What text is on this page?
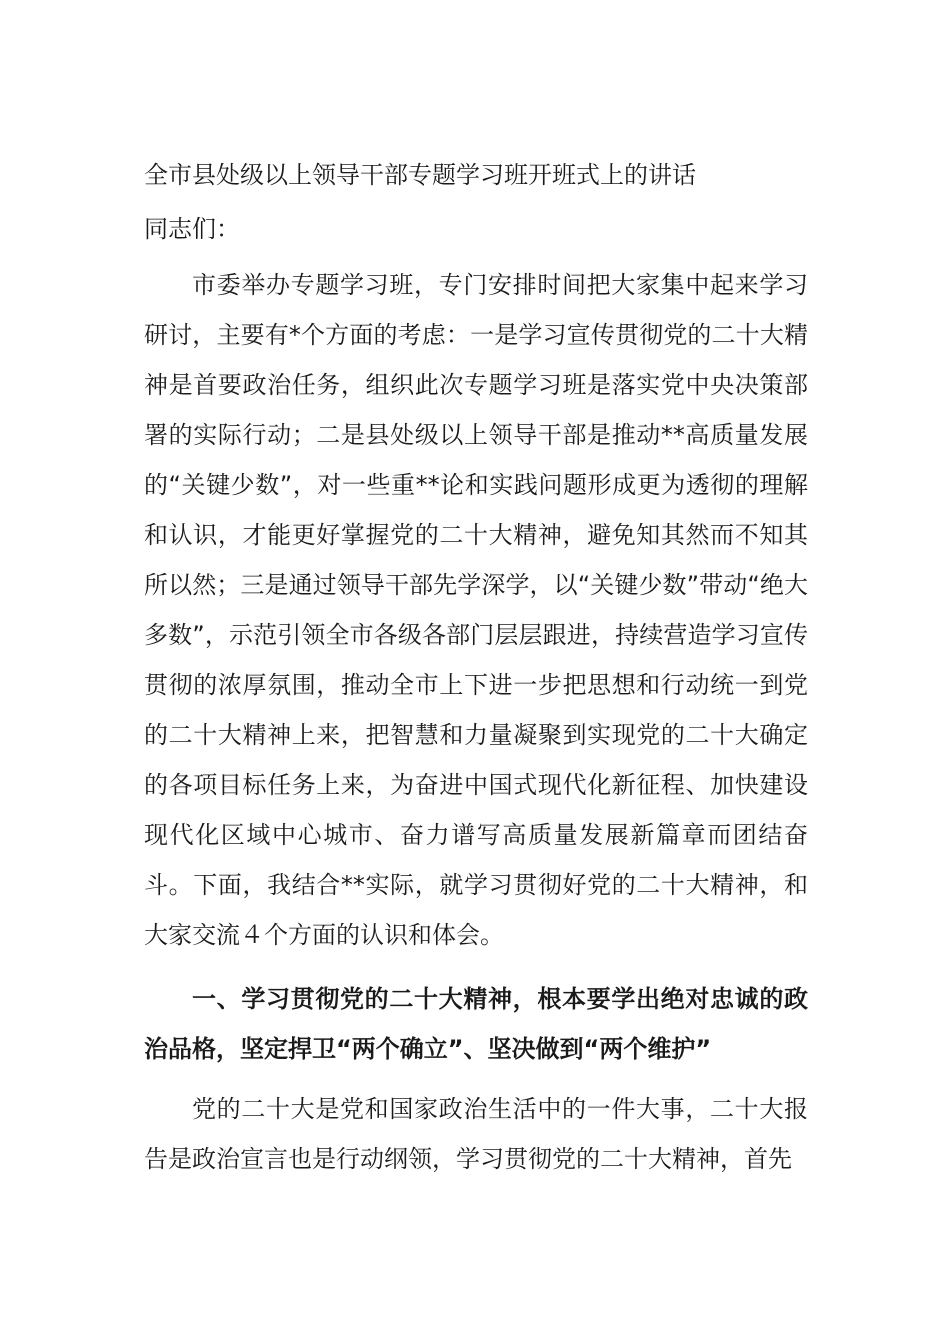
全市县处级以上领导干部专题学习班开班式上的讲话
同志们：

市委举办专题学习班，专门安排时间把大家集中起来学习研讨，主要有*个方面的考虑：一是学习宣传贯彻党的二十大精神是首要政治任务，组织此次专题学习班是落实党中央决策部署的实际行动；二是县处级以上领导干部是推动**高质量发展的“关键少数”，对一些重**论和实践问题形成更为透彻的理解和认识，才能更好掌握党的二十大精神，避免知其然而不知其所以然；三是通过领导干部先学深学，以“关键少数”带动“绝大多数”，示范引领全市各级各部门层层跟进，持续营造学习宣传贯彻的浓厚氛围，推动全市上下进一步把思想和行动统一到党的二十大精神上来，把智慧和力量凝聚到实现党的二十大确定的各项目标任务上来，为奋进中国式现代化新征程、加快建设现代化区域中心城市、奋力谱写高质量发展新篇章而团结奋斗。下面，我结合**实际，就学习贯彻好党的二十大精神，和大家交流４个方面的认识和体会。

一、学习贯彻党的二十大精神，根本要学出绝对忠诚的政治品格，坚定捍卫“两个确立”、坚决做到“两个维护”

党的二十大是党和国家政治生活中的一件大事，二十大报告是政治宣言也是行动纲领，学习贯彻党的二十大精神，首先
